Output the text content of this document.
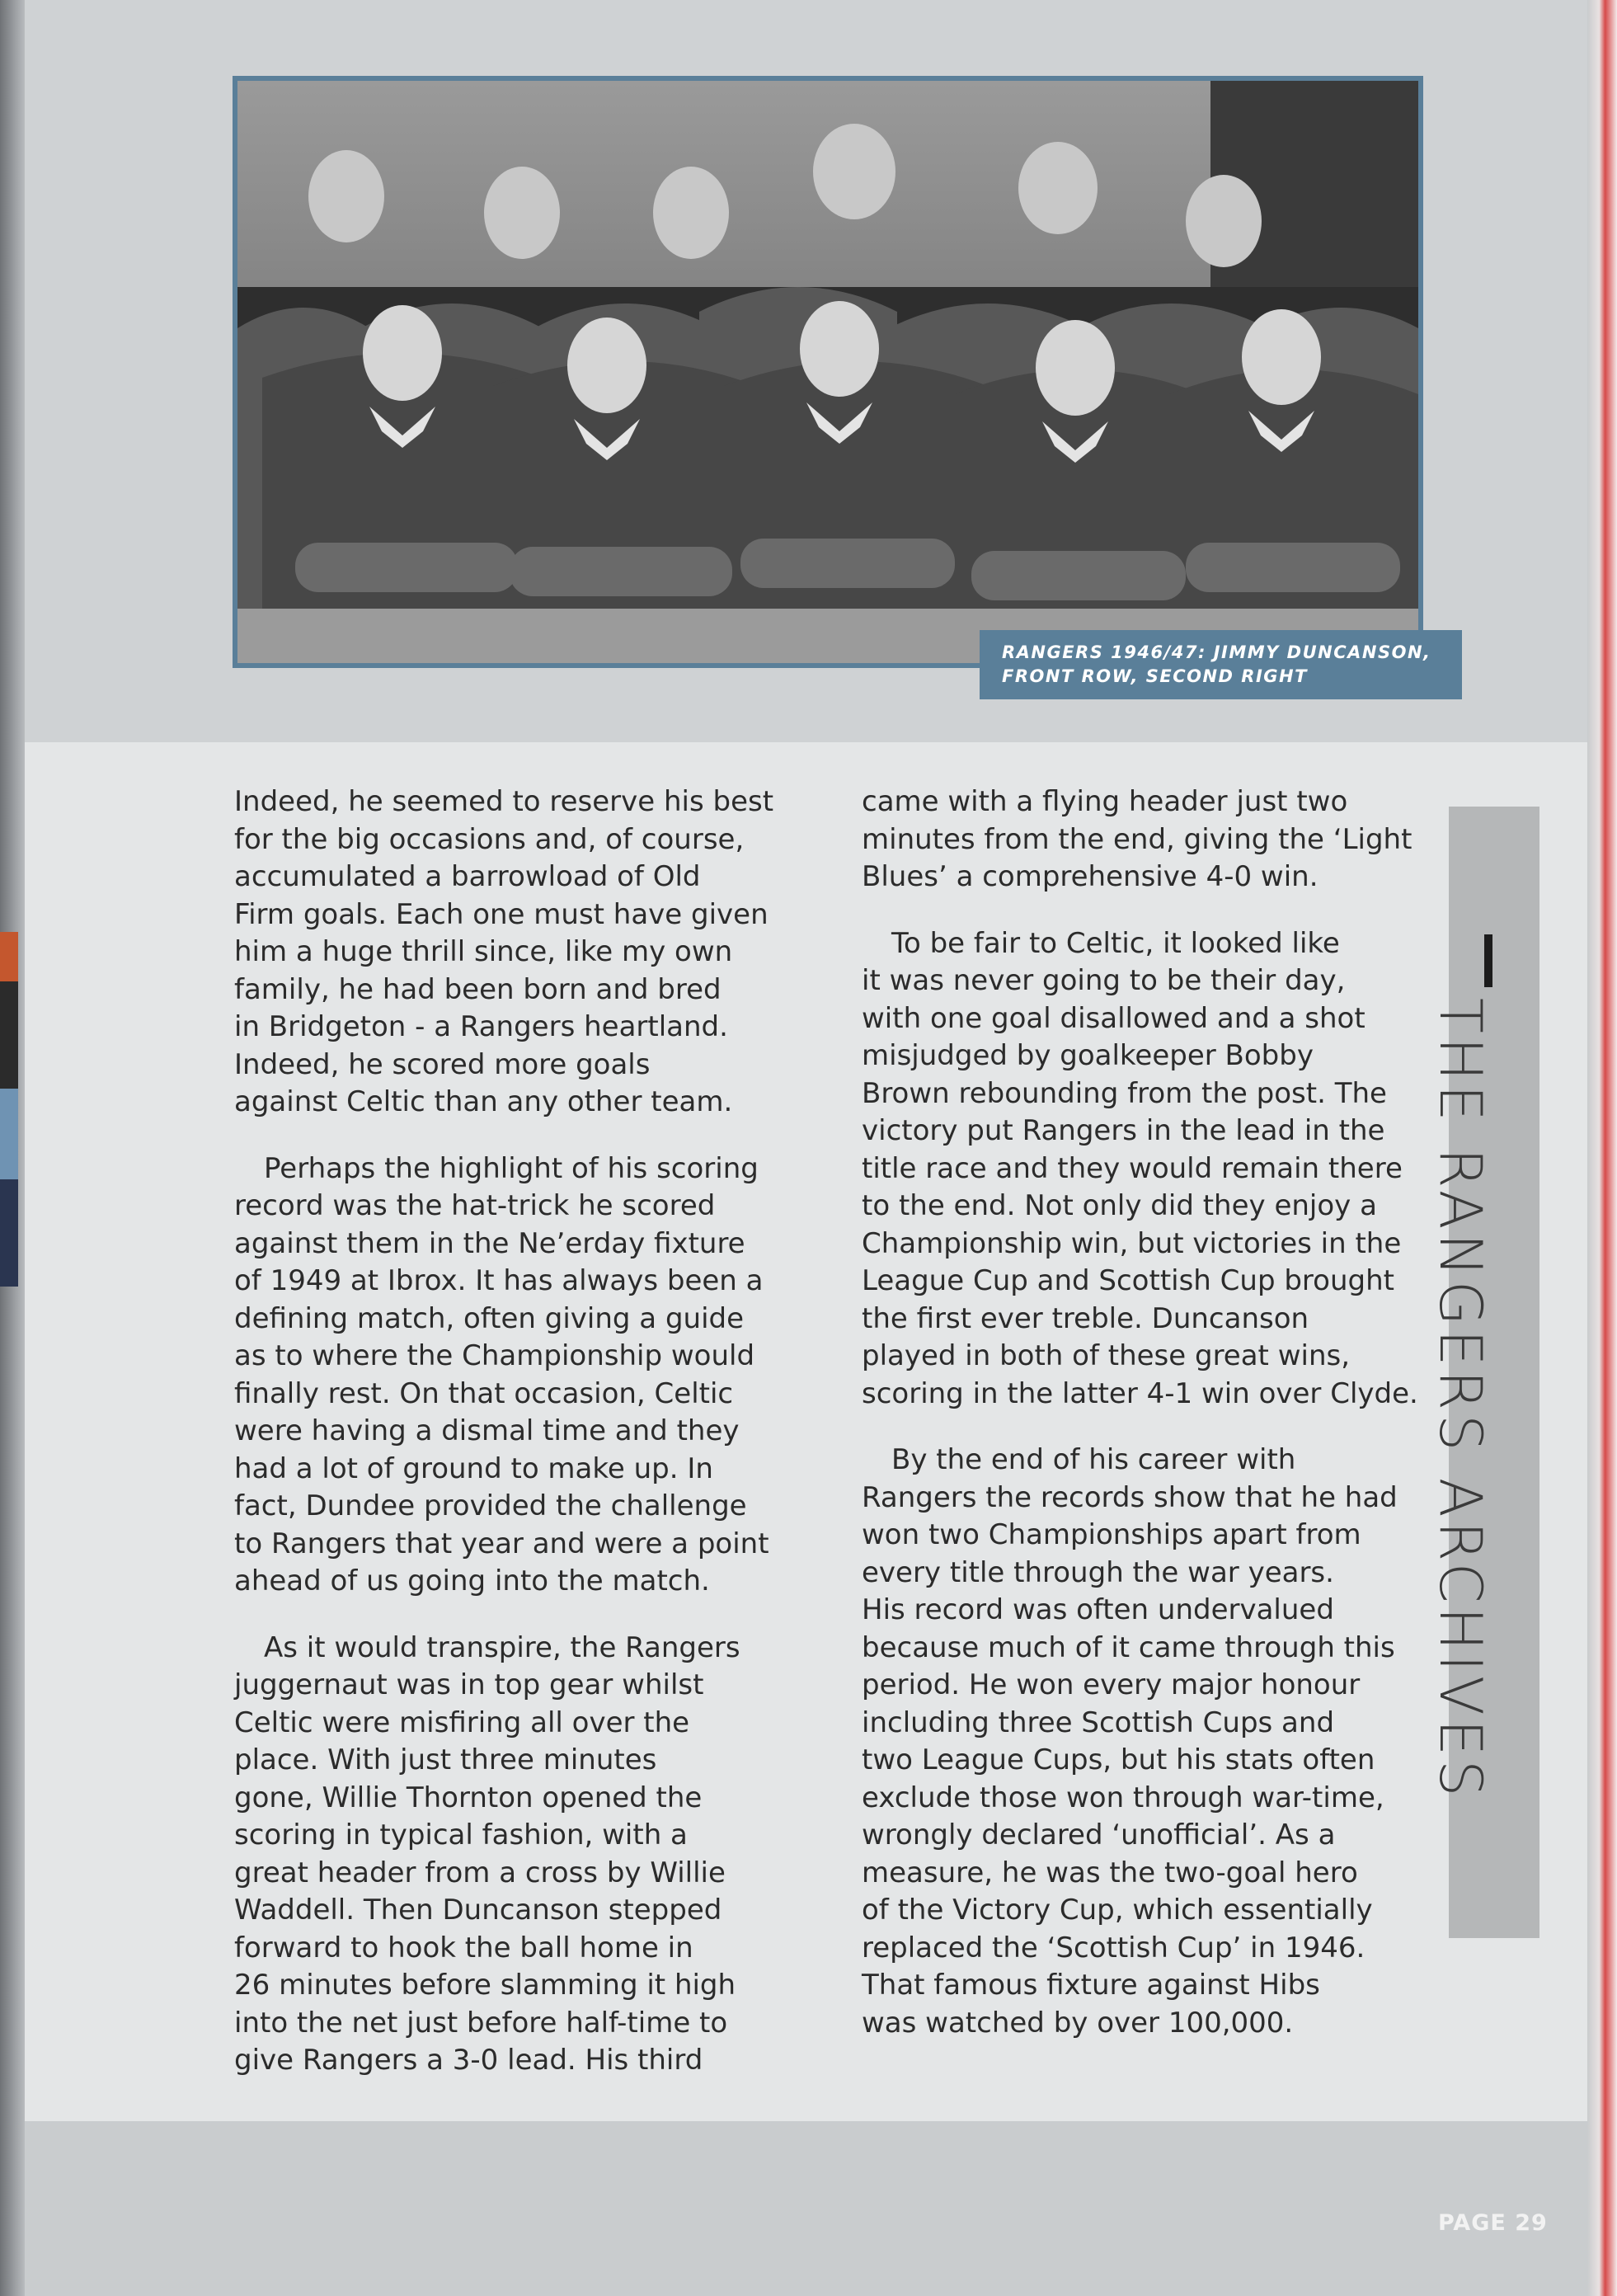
RANGERS 1946/47: JIMMY DUNCANSON,
FRONT ROW, SECOND RIGHT

Indeed, he seemed to reserve his best
for the big occasions and, of course,
accumulated a barrowload of Old
Firm goals. Each one must have given
him a huge thrill since, like my own
family, he had been born and bred
in Bridgeton - a Rangers heartland.
Indeed, he scored more goals
against Celtic than any other team.

Perhaps the highlight of his scoring
record was the hat-trick he scored
against them in the Ne’erday fixture
of 1949 at Ibrox. It has always been a
defining match, often giving a guide
as to where the Championship would
finally rest. On that occasion, Celtic
were having a dismal time and they
had a lot of ground to make up. In
fact, Dundee provided the challenge
to Rangers that year and were a point
ahead of us going into the match.

As it would transpire, the Rangers
juggernaut was in top gear whilst
Celtic were misfiring all over the
place. With just three minutes
gone, Willie Thornton opened the
scoring in typical fashion, with a
great header from a cross by Willie
Waddell. Then Duncanson stepped
forward to hook the ball home in
26 minutes before slamming it high
into the net just before half-time to
give Rangers a 3-0 lead. His third

came with a flying header just two
minutes from the end, giving the ‘Light
Blues’ a comprehensive 4-0 win.

To be fair to Celtic, it looked like
it was never going to be their day,
with one goal disallowed and a shot
misjudged by goalkeeper Bobby
Brown rebounding from the post. The
victory put Rangers in the lead in the
title race and they would remain there
to the end. Not only did they enjoy a
Championship win, but victories in the
League Cup and Scottish Cup brought
the first ever treble. Duncanson
played in both of these great wins,
scoring in the latter 4-1 win over Clyde.

By the end of his career with
Rangers the records show that he had
won two Championships apart from
every title through the war years.
His record was often undervalued
because much of it came through this
period. He won every major honour
including three Scottish Cups and
two League Cups, but his stats often
exclude those won through war-time,
wrongly declared ‘unofficial’. As a
measure, he was the two-goal hero
of the Victory Cup, which essentially
replaced the ‘Scottish Cup’ in 1946.
That famous fixture against Hibs
was watched by over 100,000.

THE RANGERS ARCHIVES
PAGE 29
